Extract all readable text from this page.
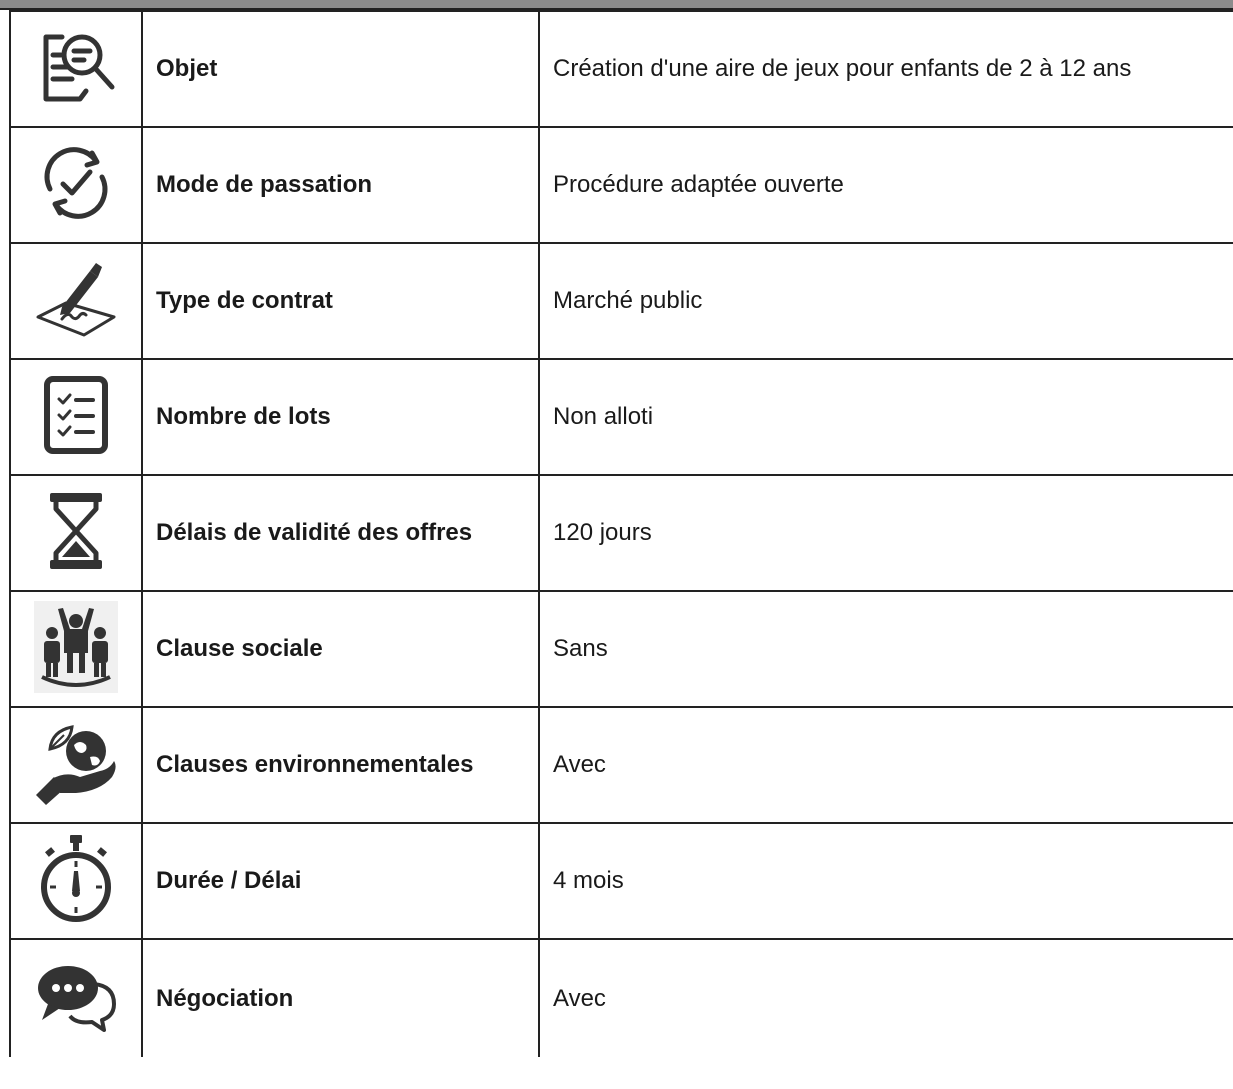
	Objet	Création d'une aire de jeux pour enfants de 2 à 12 ans

	Mode de passation	Procédure adaptée ouverte

	Type de contrat	Marché public

	Nombre de lots	Non alloti

	Délais de validité des offres	120 jours

	Clause sociale	Sans

	Clauses environnementales	Avec

	Durée / Délai	4 mois

	Négociation	Avec
